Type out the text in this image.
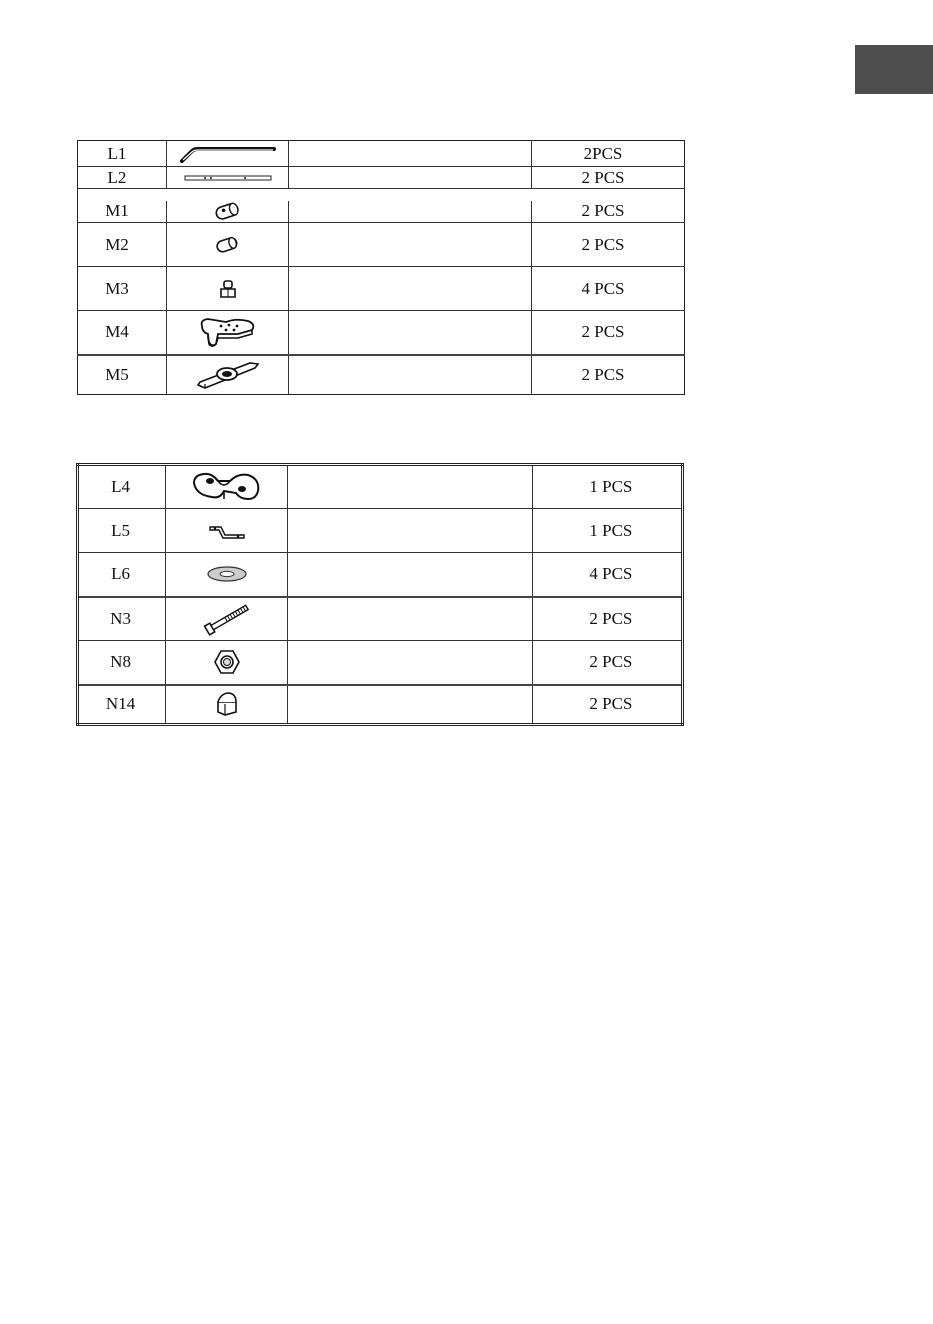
L1			2PCS
L2			2 PCS

M1			2 PCS
M2			2 PCS
M3			4 PCS
M4			2 PCS
M5			2 PCS
L4			1 PCS
L5			1 PCS
L6			4 PCS
N3			2 PCS
N8			2 PCS
N14			2 PCS
